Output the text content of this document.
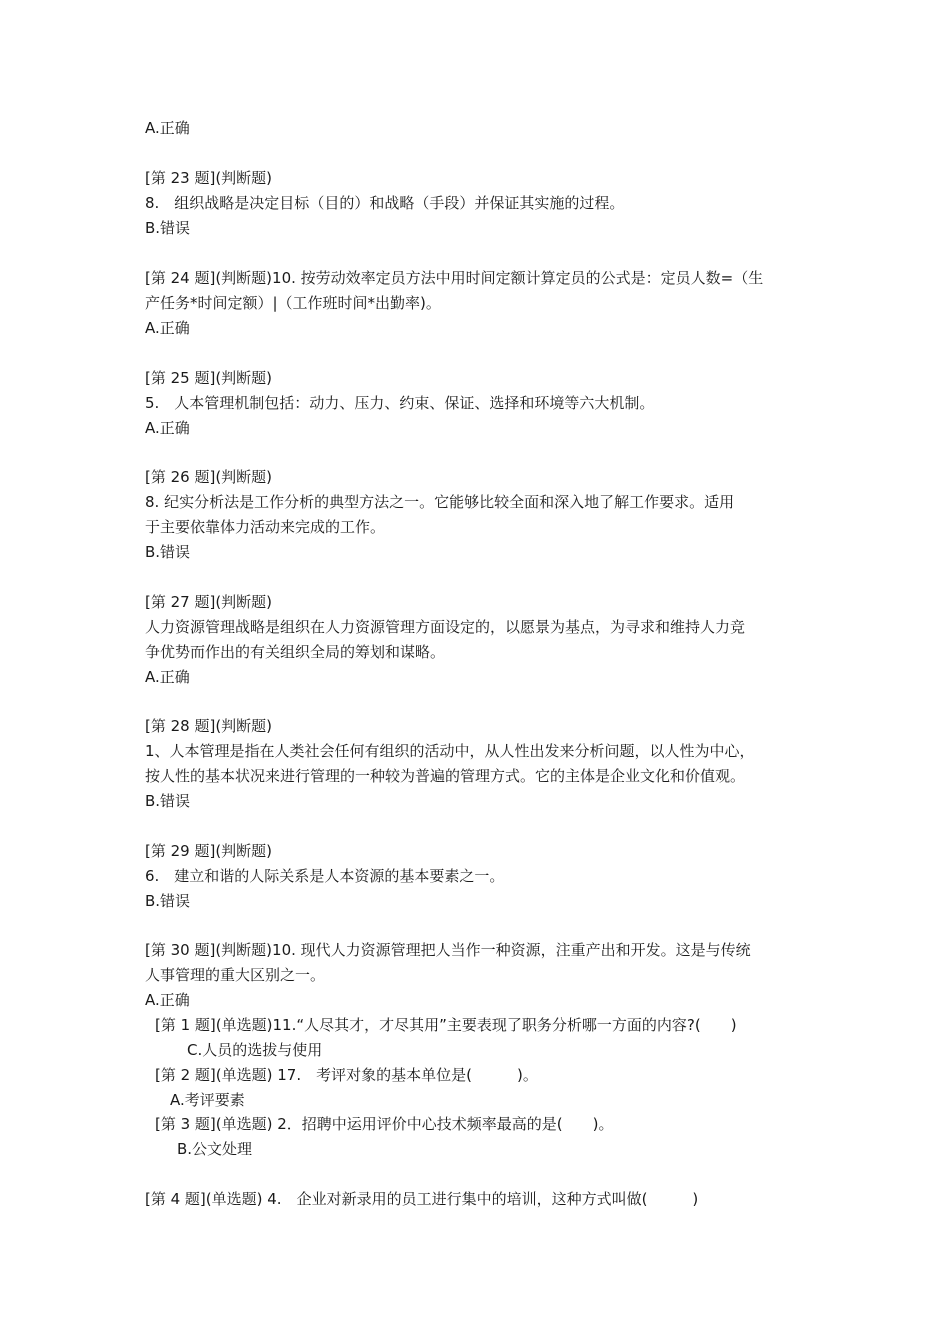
A.正确
[第 23 题](判断题)
8.　组织战略是决定目标（目的）和战略（手段）并保证其实施的过程。
B.错误
[第 24 题](判断题)10. 按劳动效率定员方法中用时间定额计算定员的公式是：定员人数=（生
产任务*时间定额）|（工作班时间*出勤率)。
A.正确
[第 25 题](判断题)
5.　人本管理机制包括：动力、压力、约束、保证、选择和环境等六大机制。
A.正确
[第 26 题](判断题)
8. 纪实分析法是工作分析的典型方法之一。它能够比较全面和深入地了解工作要求。适用
于主要依靠体力活动来完成的工作。
B.错误
[第 27 题](判断题)
人力资源管理战略是组织在人力资源管理方面设定的，以愿景为基点，为寻求和维持人力竞
争优势而作出的有关组织全局的筹划和谋略。
A.正确
[第 28 题](判断题)
1、人本管理是指在人类社会任何有组织的活动中，从人性出发来分析问题，以人性为中心，
按人性的基本状况来进行管理的一种较为普遍的管理方式。它的主体是企业文化和价值观。
B.错误
[第 29 题](判断题)
6.　建立和谐的人际关系是人本资源的基本要素之一。
B.错误
[第 30 题](判断题)10. 现代人力资源管理把人当作一种资源，注重产出和开发。这是与传统
人事管理的重大区别之一。
A.正确
[第 1 题](单选题)11.“人尽其才，才尽其用”主要表现了职务分析哪一方面的内容?(　　)
C.人员的选拔与使用
[第 2 题](单选题) 17.　考评对象的基本单位是(　　　)。
A.考评要素
[第 3 题](单选题) 2．招聘中运用评价中心技术频率最高的是(　　)。
B.公文处理
[第 4 题](单选题) 4.　企业对新录用的员工进行集中的培训，这种方式叫做(　　　)
